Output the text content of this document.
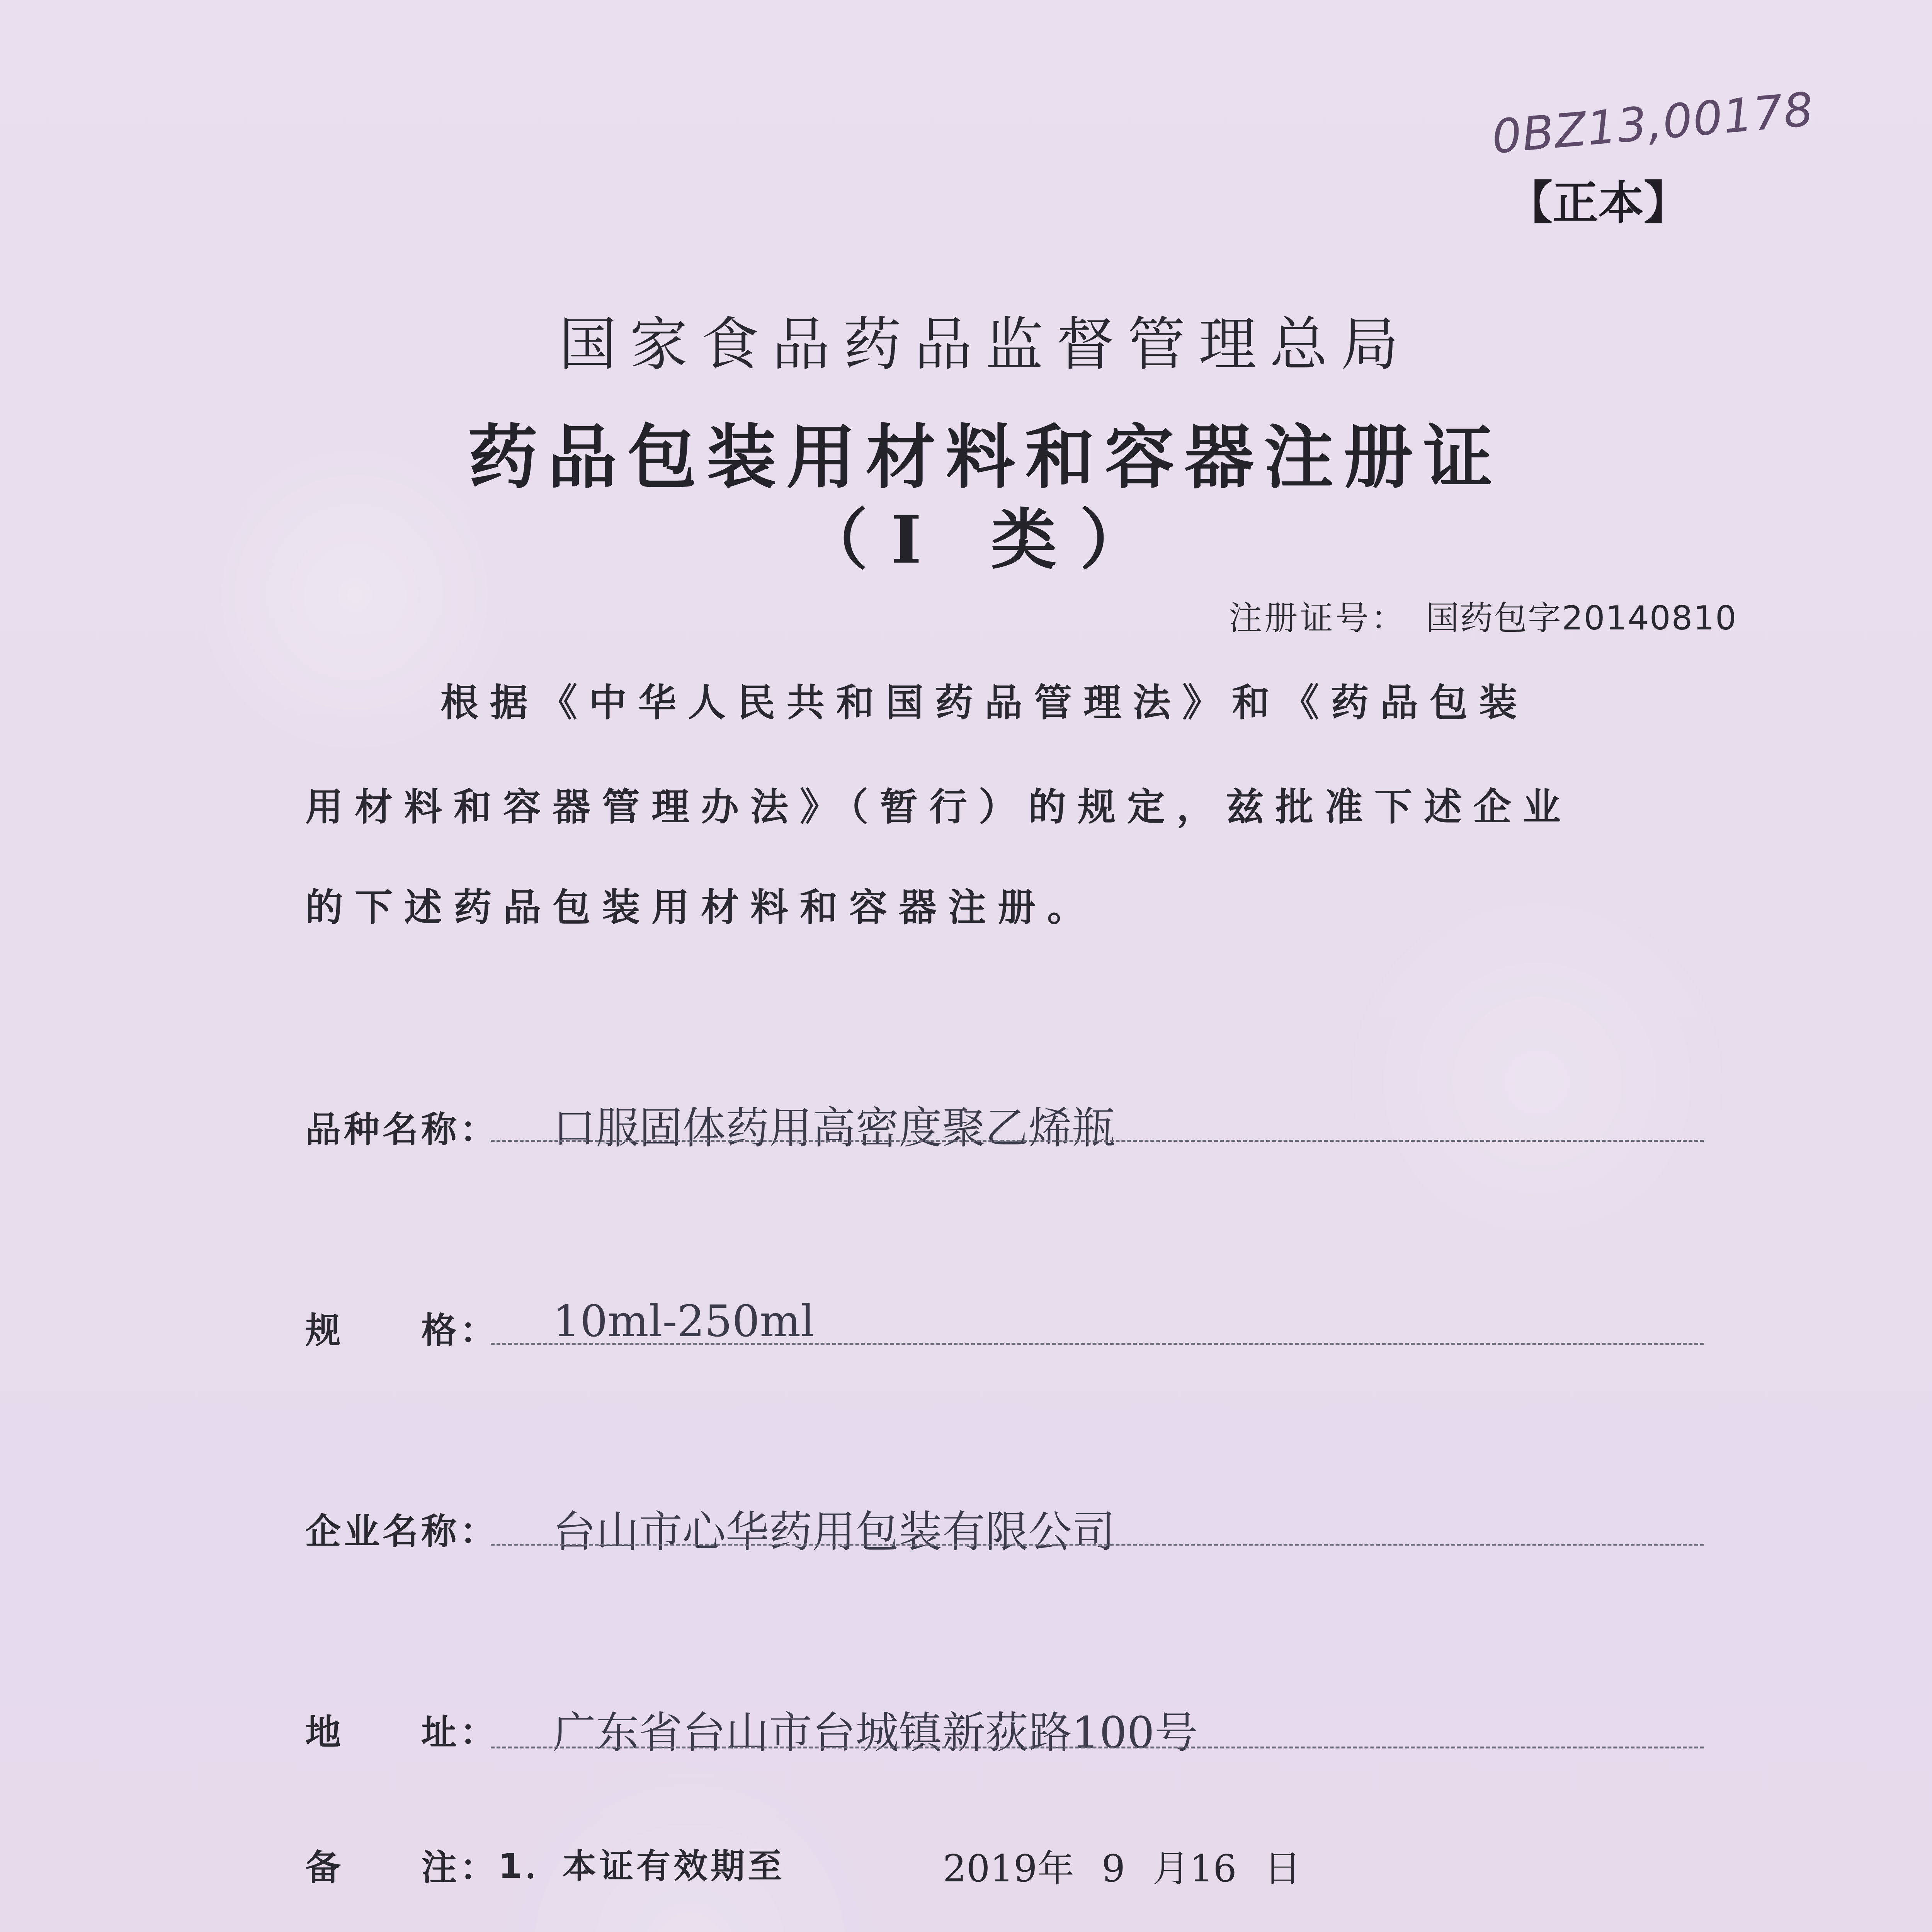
0BZ13,00178
【正本】
国家食品药品监督管理总局
药品包装用材料和容器注册证
（I 类）
注册证号： 国药包字20140810
根据《中华人民共和国药品管理法》和《药品包装
用材料和容器管理办法》（暂行）的规定，兹批准下述企业
的下述药品包装用材料和容器注册。
品种名称： 口服固体药用高密度聚乙烯瓶
规　　格： 10ml-250ml
企业名称： 台山市心华药用包装有限公司
地　　址： 广东省台山市台城镇新荻路100号
备　　注： 1．本证有效期至	2019年 9 月16 日
